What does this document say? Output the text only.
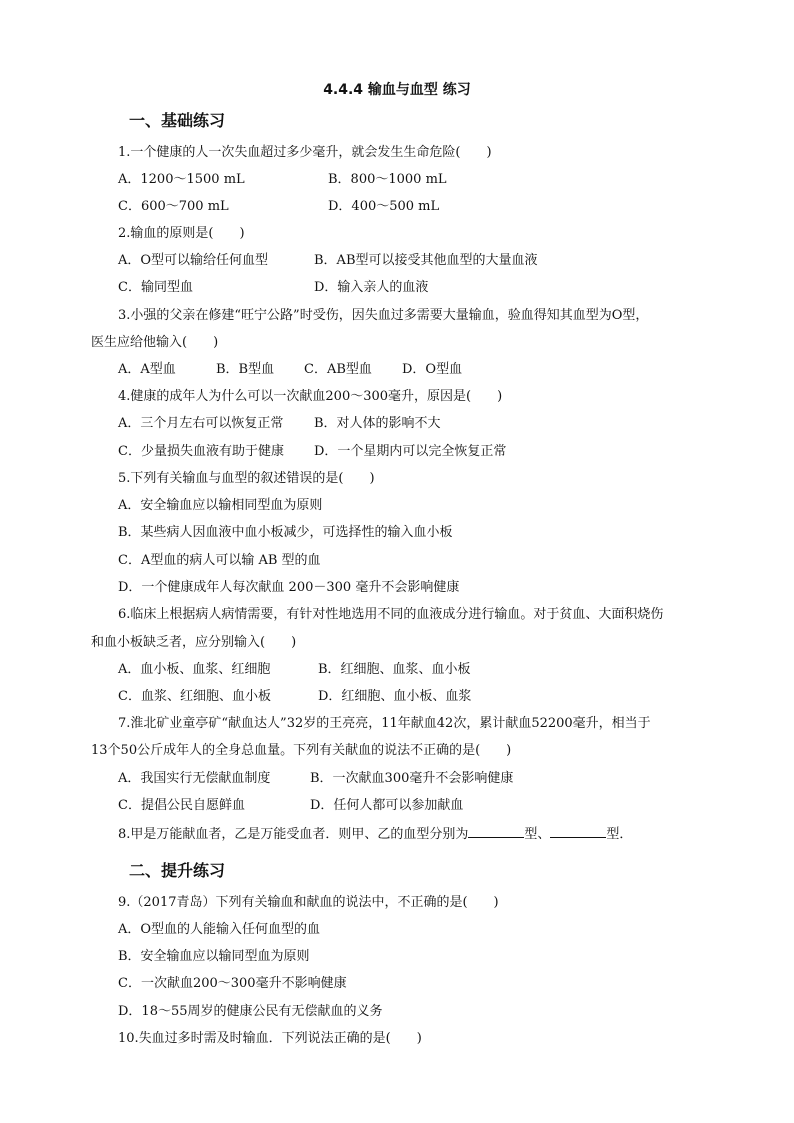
4.4.4 输血与血型 练习
一、基础练习
1.一个健康的人一次失血超过多少毫升，就会发生生命危险(　　)
A．1200～1500 mL	B．800～1000 mL
C．600～700 mL	D．400～500 mL
2.输血的原则是(　　)
A．O型可以输给任何血型	B．AB型可以接受其他血型的大量血液
C．输同型血	D．输入亲人的血液
3.小强的父亲在修建“旺宁公路”时受伤，因失血过多需要大量输血，验血得知其血型为O型，
医生应给他输入(　　)
A．A型血	B．B型血 C．AB型血 D．O型血
4.健康的成年人为什么可以一次献血200～300毫升，原因是(　　)
A．三个月左右可以恢复正常 B．对人体的影响不大
C．少量损失血液有助于健康 D．一个星期内可以完全恢复正常
5.下列有关输血与血型的叙述错误的是(　　)
A．安全输血应以输相同型血为原则
B．某些病人因血液中血小板减少，可选择性的输入血小板
C．A型血的病人可以输 AB 型的血
D．一个健康成年人每次献血 200－300 毫升不会影响健康
6.临床上根据病人病情需要，有针对性地选用不同的血液成分进行输血。对于贫血、大面积烧伤
和血小板缺乏者，应分别输入(　　)
A．血小板、血浆、红细胞	B．红细胞、血浆、血小板
C．血浆、红细胞、血小板	D．红细胞、血小板、血浆
7.淮北矿业童亭矿“献血达人”32岁的王亮亮，11年献血42次，累计献血52200毫升，相当于
13个50公斤成年人的全身总血量。下列有关献血的说法不正确的是(　　)
A．我国实行无偿献血制度	B．一次献血300毫升不会影响健康
C．提倡公民自愿鲜血	D．任何人都可以参加献血
8.甲是万能献血者，乙是万能受血者．则甲、乙的血型分别为	型、	型．
二、提升练习
9.（2017青岛）下列有关输血和献血的说法中，不正确的是(　　)
A．O型血的人能输入任何血型的血
B．安全输血应以输同型血为原则
C．一次献血200～300毫升不影响健康
D．18～55周岁的健康公民有无偿献血的义务
10.失血过多时需及时输血．下列说法正确的是(　　)
